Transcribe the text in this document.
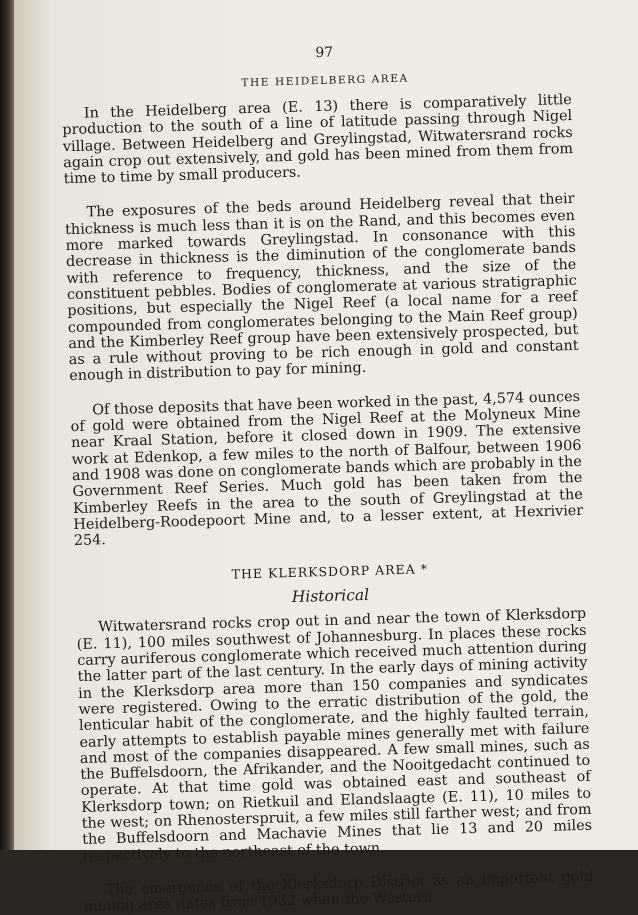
97
THE HEIDELBERG AREA

In the Heidelberg area (E. 13) there is comparatively little production to the south of a line of latitude passing through Nigel village. Between Heidelberg and Greylingstad, Witwatersrand rocks again crop out extensively, and gold has been mined from them from time to time by small producers.

The exposures of the beds around Heidelberg reveal that their thickness is much less than it is on the Rand, and this becomes even more marked towards Greylingstad. In consonance with this decrease in thickness is the diminution of the conglomerate bands with reference to frequency, thickness, and the size of the constituent pebbles. Bodies of conglomerate at various stratigraphic positions, but especially the Nigel Reef (a local name for a reef compounded from conglomerates belonging to the Main Reef group) and the Kimberley Reef group have been extensively prospected, but as a rule without proving to be rich enough in gold and constant enough in distribution to pay for mining.

Of those deposits that have been worked in the past, 4,574 ounces of gold were obtained from the Nigel Reef at the Molyneux Mine near Kraal Station, before it closed down in 1909. The extensive work at Edenkop, a few miles to the north of Balfour, between 1906 and 1908 was done on conglomerate bands which are probably in the Government Reef Series. Much gold has been taken from the Kimberley Reefs in the area to the south of Greylingstad at the Heidelberg-Roodepoort Mine and, to a lesser extent, at Hexrivier 254.

THE KLERKSDORP AREA *
Historical

Witwatersrand rocks crop out in and near the town of Klerksdorp (E. 11), 100 miles southwest of Johannesburg. In places these rocks carry auriferous conglomerate which received much attention during the latter part of the last century. In the early days of mining activity in the Klerksdorp area more than 150 companies and syndicates were registered. Owing to the erratic distribution of the gold, the lenticular habit of the conglomerate, and the highly faulted terrain, early attempts to establish payable mines generally met with failure and most of the companies disappeared. A few small mines, such as the Buffelsdoorn, the Afrikander, and the Nooitgedacht continued to operate. At that time gold was obtained east and southeast of Klerksdorp town; on Rietkuil and Elandslaagte (E. 11), 10 miles to the west; on Rhenosterspruit, a few miles still farther west; and from the Buffelsdoorn and Machavie Mines that lie 13 and 20 miles respectively to the northeast of the town.

The emergence of the Klerksdorp District as an important gold mining area dates from 1932 when the Western
